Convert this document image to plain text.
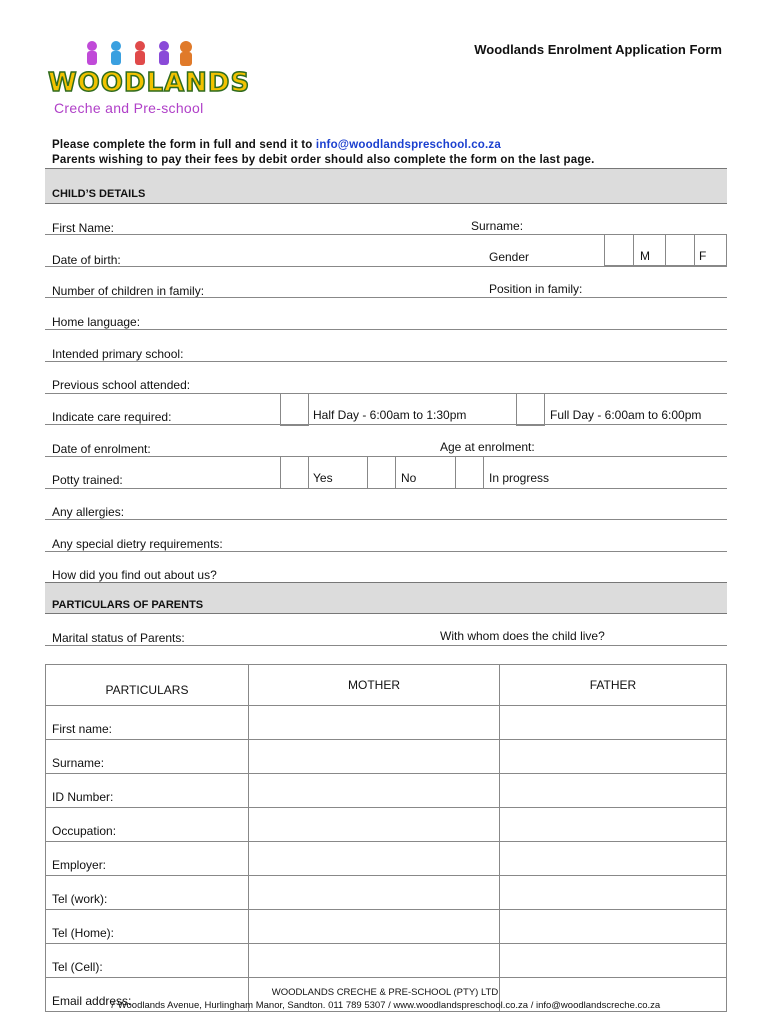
WOODLANDS
Creche and Pre-school
Woodlands Enrolment Application Form
Please complete the form in full and send it to info@woodlandspreschool.co.za
Parents wishing to pay their fees by debit order should also complete the form on the last page.
CHILD’S DETAILS
First Name:	Surname:
Date of birth:	Gender	M	F
Number of children in family:	Position in family:
Home language:
Intended primary school:
Previous school attended:
Indicate care required:	Half Day - 6:00am to 1:30pm	Full Day - 6:00am to 6:00pm
Date of enrolment:	Age at enrolment:
Potty trained:	Yes	No	In progress
Any allergies:
Any special dietry requirements:
How did you find out about us?
PARTICULARS OF PARENTS
Marital status of Parents:	With whom does the child live?
PARTICULARS	MOTHER	FATHER
First name:		
Surname:		
ID Number:		
Occupation:		
Employer:		
Tel (work):		
Tel (Home):		
Tel (Cell):		
Email address:		
WOODLANDS CRECHE & PRE-SCHOOL (PTY) LTD
7 Woodlands Avenue, Hurlingham Manor, Sandton. 011 789 5307 / www.woodlandspreschool.co.za / info@woodlandscreche.co.za
